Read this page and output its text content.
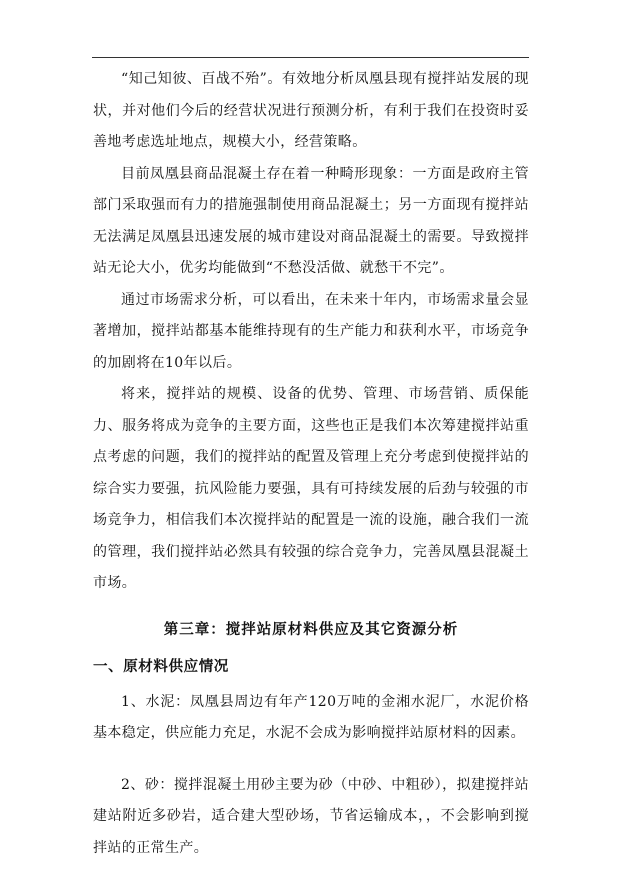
“知己知彼、百战不殆”。有效地分析凤凰县现有搅拌站发展的现状，并对他们今后的经营状况进行预测分析，有利于我们在投资时妥善地考虑选址地点，规模大小，经营策略。

目前凤凰县商品混凝土存在着一种畸形现象：一方面是政府主管部门采取强而有力的措施强制使用商品混凝土；另一方面现有搅拌站无法满足凤凰县迅速发展的城市建设对商品混凝土的需要。导致搅拌站无论大小，优劣均能做到“不愁没活做、就愁干不完”。

通过市场需求分析，可以看出，在未来十年内，市场需求量会显著增加，搅拌站都基本能维持现有的生产能力和获利水平，市场竞争的加剧将在10年以后。

将来，搅拌站的规模、设备的优势、管理、市场营销、质保能力、服务将成为竞争的主要方面，这些也正是我们本次筹建搅拌站重点考虑的问题，我们的搅拌站的配置及管理上充分考虑到使搅拌站的综合实力要强，抗风险能力要强，具有可持续发展的后劲与较强的市场竞争力，相信我们本次搅拌站的配置是一流的设施，融合我们一流的管理，我们搅拌站必然具有较强的综合竞争力，完善凤凰县混凝土市场。

第三章：搅拌站原材料供应及其它资源分析
一、原材料供应情况

1、水泥：凤凰县周边有年产120万吨的金湘水泥厂，水泥价格基本稳定，供应能力充足，水泥不会成为影响搅拌站原材料的因素。

2、砂：搅拌混凝土用砂主要为砂（中砂、中粗砂），拟建搅拌站建站附近多砂岩，适合建大型砂场，节省运输成本，，不会影响到搅拌站的正常生产。
